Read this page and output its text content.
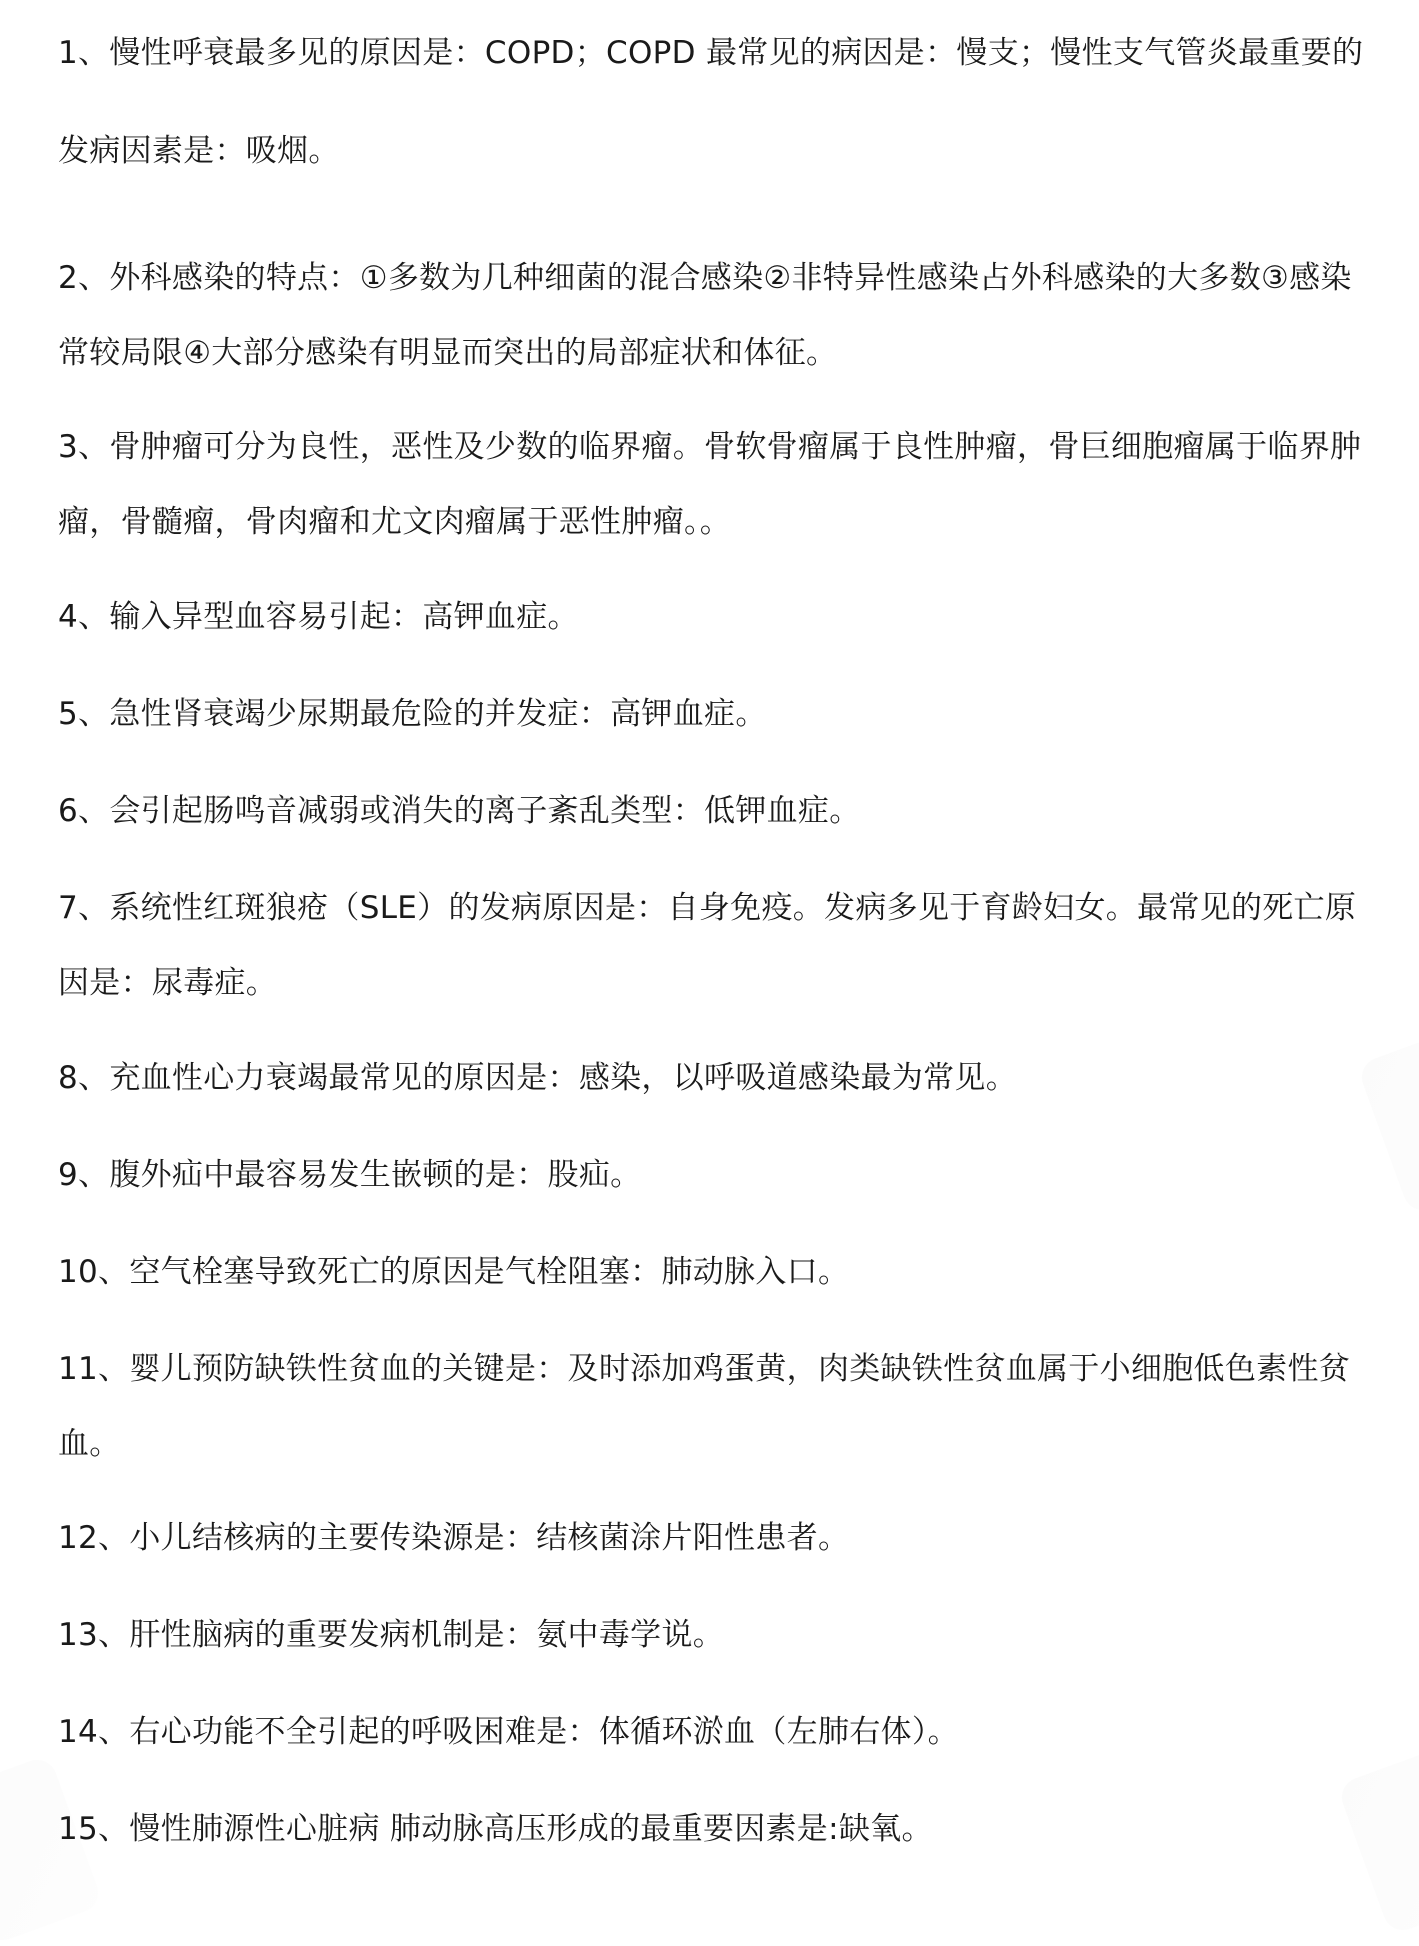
1、慢性呼衰最多见的原因是：COPD；COPD 最常见的病因是：慢支；慢性支气管炎最重要的
发病因素是：吸烟。
2、外科感染的特点：①多数为几种细菌的混合感染②非特异性感染占外科感染的大多数③感染
常较局限④大部分感染有明显而突出的局部症状和体征。
3、骨肿瘤可分为良性，恶性及少数的临界瘤。骨软骨瘤属于良性肿瘤，骨巨细胞瘤属于临界肿
瘤，骨髓瘤，骨肉瘤和尤文肉瘤属于恶性肿瘤。。
4、输入异型血容易引起：高钾血症。
5、急性肾衰竭少尿期最危险的并发症：高钾血症。
6、会引起肠鸣音减弱或消失的离子紊乱类型：低钾血症。
7、系统性红斑狼疮（SLE）的发病原因是：自身免疫。发病多见于育龄妇女。最常见的死亡原
因是：尿毒症。
8、充血性心力衰竭最常见的原因是：感染，以呼吸道感染最为常见。
9、腹外疝中最容易发生嵌顿的是：股疝。
10、空气栓塞导致死亡的原因是气栓阻塞：肺动脉入口。
11、婴儿预防缺铁性贫血的关键是：及时添加鸡蛋黄，肉类缺铁性贫血属于小细胞低色素性贫
血。
12、小儿结核病的主要传染源是：结核菌涂片阳性患者。
13、肝性脑病的重要发病机制是：氨中毒学说。
14、右心功能不全引起的呼吸困难是：体循环淤血（左肺右体）。
15、慢性肺源性心脏病 肺动脉高压形成的最重要因素是:缺氧。
